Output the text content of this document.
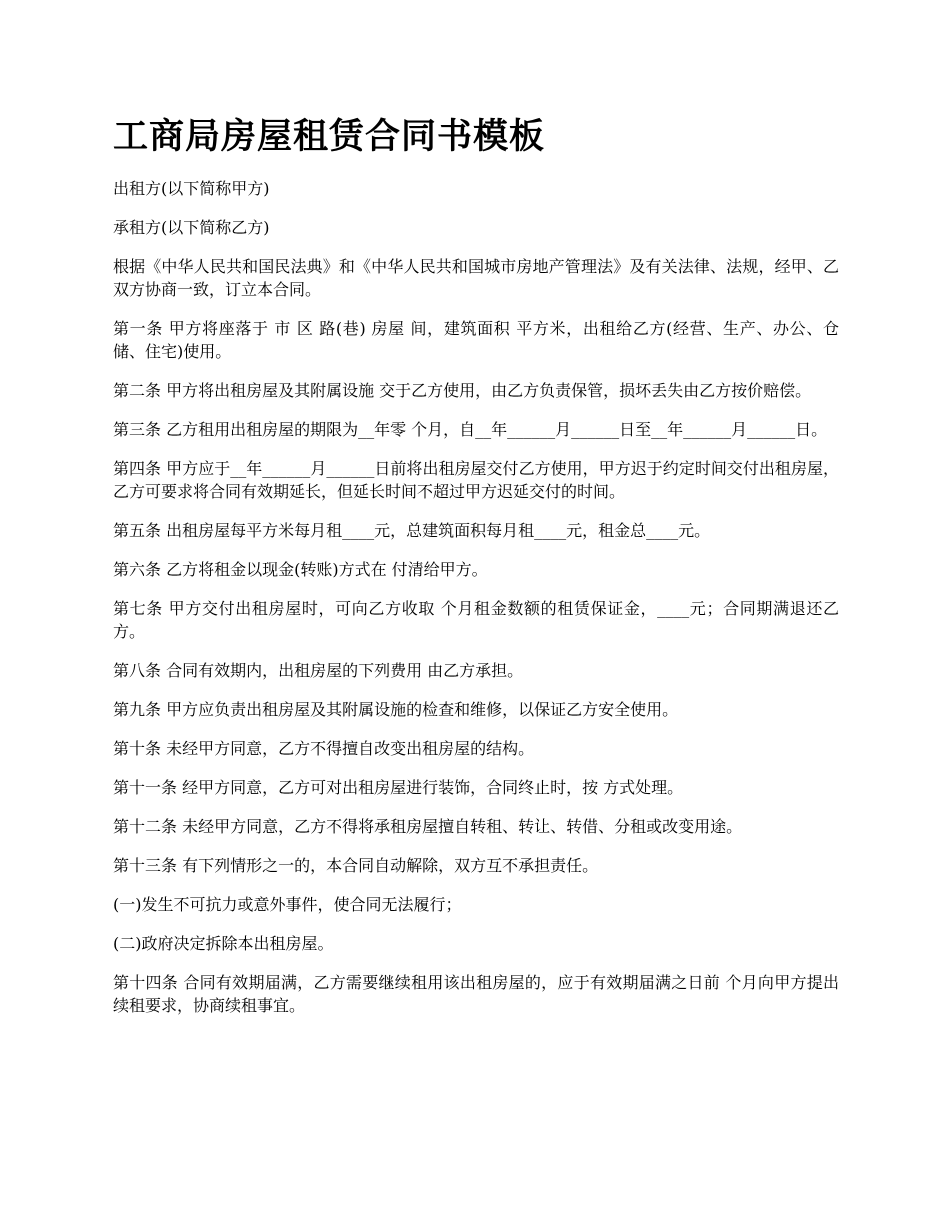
工商局房屋租赁合同书模板

出租方(以下简称甲方)

承租方(以下简称乙方)

根据《中华人民共和国民法典》和《中华人民共和国城市房地产管理法》及有关法律、法规，经甲、乙双方协商一致，订立本合同。

第一条 甲方将座落于 市 区 路(巷) 房屋 间，建筑面积 平方米，出租给乙方(经营、生产、办公、仓储、住宅)使用。

第二条 甲方将出租房屋及其附属设施 交于乙方使用，由乙方负责保管，损坏丢失由乙方按价赔偿。

第三条 乙方租用出租房屋的期限为__年零 个月，自__年______月______日至__年______月______日。

第四条 甲方应于__年______月______日前将出租房屋交付乙方使用，甲方迟于约定时间交付出租房屋，乙方可要求将合同有效期延长，但延长时间不超过甲方迟延交付的时间。

第五条 出租房屋每平方米每月租____元，总建筑面积每月租____元，租金总____元。

第六条 乙方将租金以现金(转账)方式在 付清给甲方。

第七条 甲方交付出租房屋时，可向乙方收取 个月租金数额的租赁保证金，____元；合同期满退还乙方。

第八条 合同有效期内，出租房屋的下列费用 由乙方承担。

第九条 甲方应负责出租房屋及其附属设施的检查和维修，以保证乙方安全使用。

第十条 未经甲方同意，乙方不得擅自改变出租房屋的结构。

第十一条 经甲方同意，乙方可对出租房屋进行装饰，合同终止时，按 方式处理。

第十二条 未经甲方同意，乙方不得将承租房屋擅自转租、转让、转借、分租或改变用途。

第十三条 有下列情形之一的，本合同自动解除，双方互不承担责任。

(一)发生不可抗力或意外事件，使合同无法履行；

(二)政府决定拆除本出租房屋。

第十四条 合同有效期届满，乙方需要继续租用该出租房屋的，应于有效期届满之日前 个月向甲方提出续租要求，协商续租事宜。
